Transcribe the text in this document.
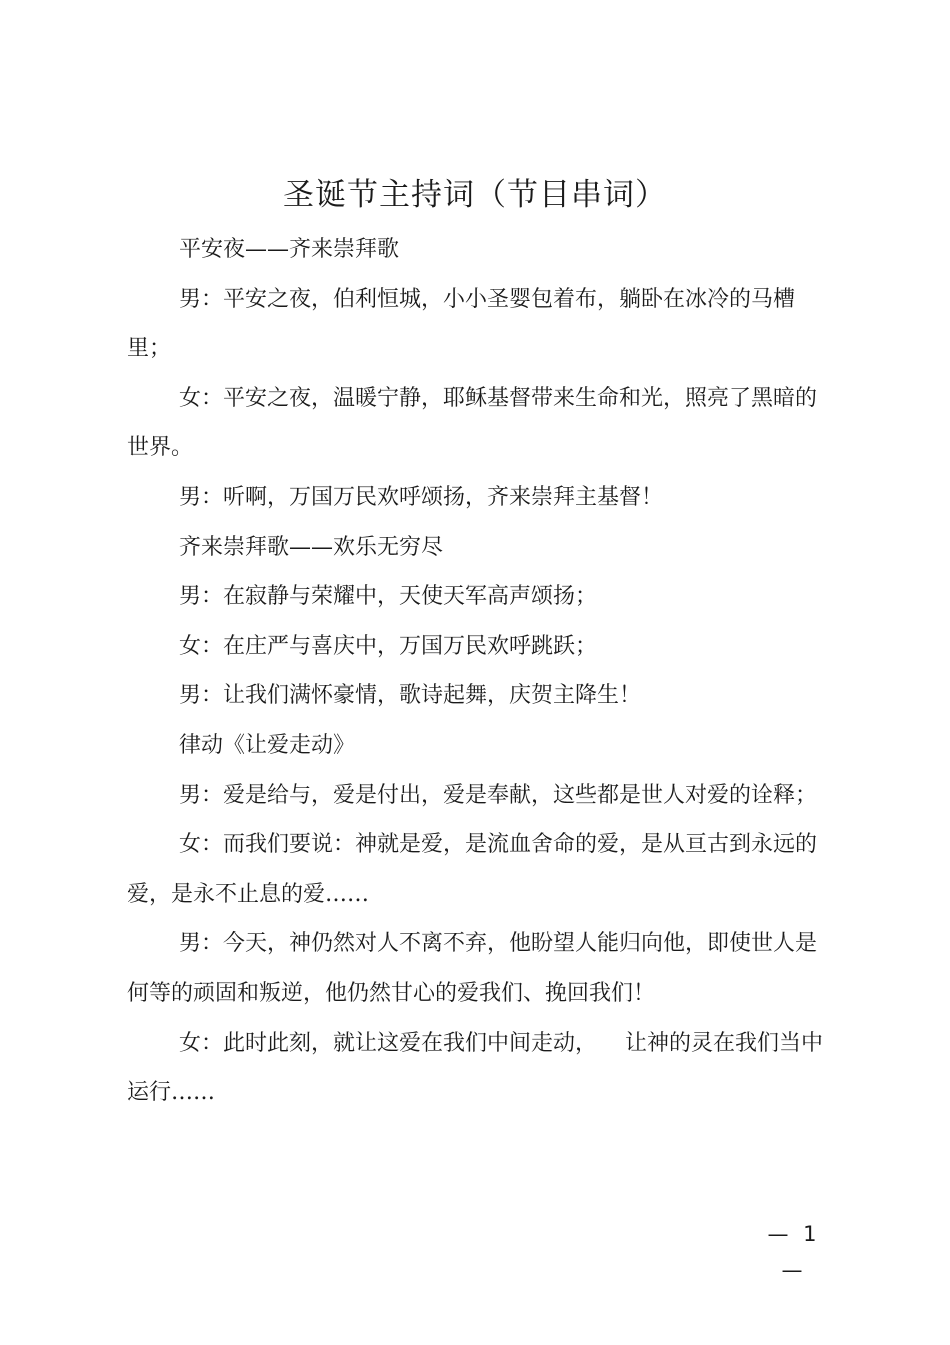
圣诞节主持词（节目串词）

平安夜——齐来崇拜歌

男：平安之夜，伯利恒城，小小圣婴包着布，躺卧在冰冷的马槽里；

女：平安之夜，温暖宁静，耶稣基督带来生命和光，照亮了黑暗的世界。

男：听啊，万国万民欢呼颂扬，齐来崇拜主基督！

齐来崇拜歌——欢乐无穷尽

男：在寂静与荣耀中，天使天军高声颂扬；

女：在庄严与喜庆中，万国万民欢呼跳跃；

男：让我们满怀豪情，歌诗起舞，庆贺主降生！

律动《让爱走动》

男：爱是给与，爱是付出，爱是奉献，这些都是世人对爱的诠释；

女：而我们要说：神就是爱，是流血舍命的爱，是从亘古到永远的爱，是永不止息的爱……

男：今天，神仍然对人不离不弃，他盼望人能归向他，即使世人是何等的顽固和叛逆，他仍然甘心的爱我们、挽回我们！

女：此时此刻，就让这爱在我们中间走动，    让神的灵在我们当中运行……

— 1 —
